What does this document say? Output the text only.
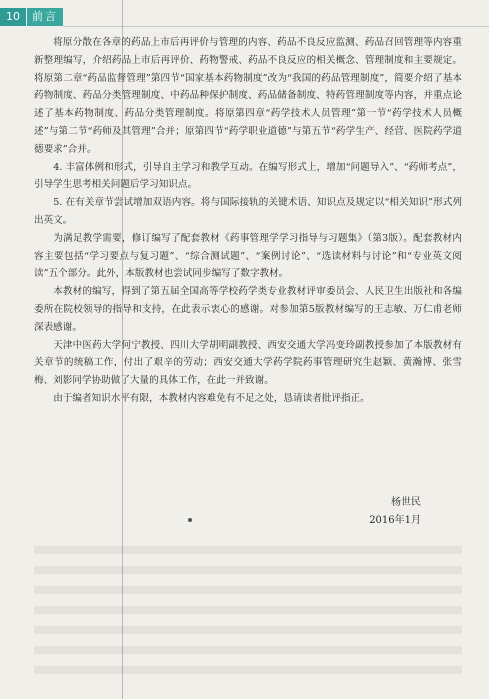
10	前言

将原分散在各章的药品上市后再评价与管理的内容、药品不良反应监测、药品召回管理等内容重新整理编写，介绍药品上市后再评价、药物警戒、药品不良反应的相关概念、管理制度和主要规定。将原第二章“药品监督管理”第四节“国家基本药物制度”改为“我国的药品管理制度”，简要介绍了基本药物制度、药品分类管理制度、中药品种保护制度、药品储备制度、特药管理制度等内容，并重点论述了基本药物制度、药品分类管理制度。将原第四章“药学技术人员管理”第一节“药学技术人员概述”与第二节“药师及其管理”合并；原第四节“药学职业道德”与第五节“药学生产、经营、医院药学道德要求”合并。

4. 丰富体例和形式，引导自主学习和教学互动。在编写形式上，增加“问题导入”、“药师考点”，引导学生思考相关问题后学习知识点。

5. 在有关章节尝试增加双语内容。将与国际接轨的关键术语、知识点及规定以“相关知识”形式列出英文。

为满足教学需要，修订编写了配套教材《药事管理学学习指导与习题集》（第3版）。配套教材内容主要包括“学习要点与复习题”、“综合测试题”、“案例讨论”、“选读材料与讨论”和“专业英文阅读”五个部分。此外，本版教材也尝试同步编写了数字教材。

本教材的编写，得到了第五届全国高等学校药学类专业教材评审委员会、人民卫生出版社和各编委所在院校领导的指导和支持，在此表示衷心的感谢。对参加第5版教材编写的王志敏、万仁甫老师深表感谢。

天津中医药大学何宁教授、四川大学胡明副教授、西安交通大学冯变玲副教授参加了本版教材有关章节的统稿工作，付出了艰辛的劳动；西安交通大学药学院药事管理研究生赵颖、黄瀚博、张雪梅、刘影同学协助做了大量的具体工作，在此一并致谢。

由于编者知识水平有限，本教材内容难免有不足之处，恳请读者批评指正。

杨世民
2016年1月
